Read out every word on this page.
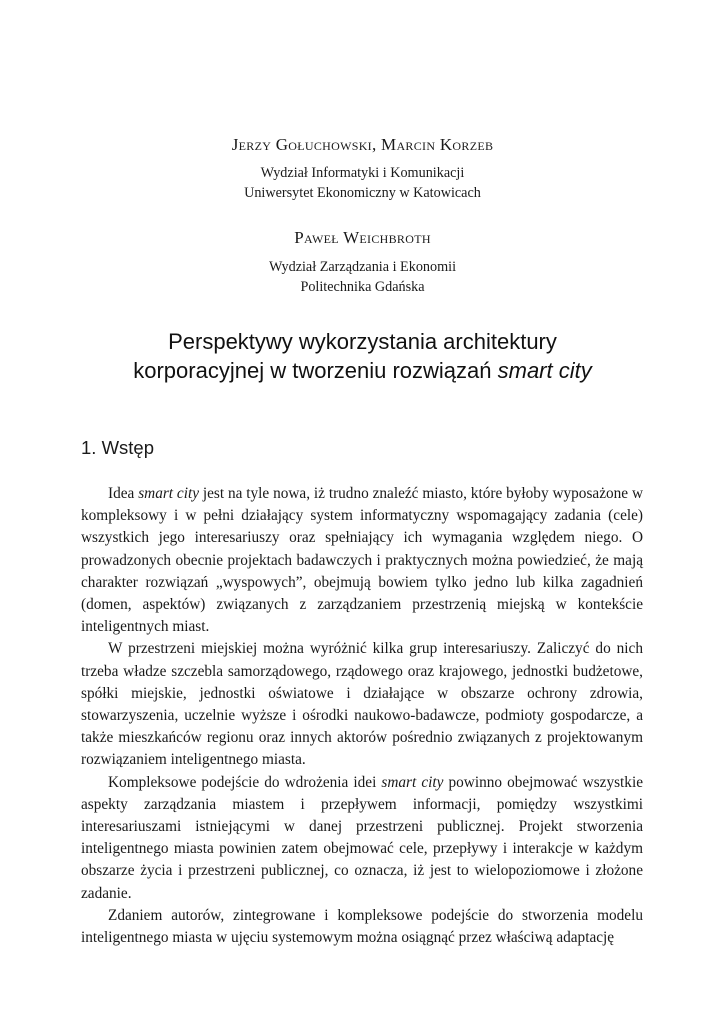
Jerzy Gołuchowski, Marcin Korzeb
Wydział Informatyki i Komunikacji
Uniwersytet Ekonomiczny w Katowicach
Paweł Weichbroth
Wydział Zarządzania i Ekonomii
Politechnika Gdańska
Perspektywy wykorzystania architektury
korporacyjnej w tworzeniu rozwiązań smart city
1. Wstęp

Idea smart city jest na tyle nowa, iż trudno znaleźć miasto, które byłoby wyposażone w kompleksowy i w pełni działający system informatyczny wspomagający zadania (cele) wszystkich jego interesariuszy oraz spełniający ich wymagania względem niego. O prowadzonych obecnie projektach badawczych i praktycznych można powiedzieć, że mają charakter rozwiązań „wyspowych”, obejmują bowiem tylko jedno lub kilka zagadnień (domen, aspektów) związanych z zarządzaniem przestrzenią miejską w kontekście inteligentnych miast.

W przestrzeni miejskiej można wyróżnić kilka grup interesariuszy. Zaliczyć do nich trzeba władze szczebla samorządowego, rządowego oraz krajowego, jednostki budżetowe, spółki miejskie, jednostki oświatowe i działające w obszarze ochrony zdrowia, stowarzyszenia, uczelnie wyższe i ośrodki naukowo-badawcze, podmioty gospodarcze, a także mieszkańców regionu oraz innych aktorów pośrednio związanych z projektowanym rozwiązaniem inteligentnego miasta.

Kompleksowe podejście do wdrożenia idei smart city powinno obejmować wszystkie aspekty zarządzania miastem i przepływem informacji, pomiędzy wszystkimi interesariuszami istniejącymi w danej przestrzeni publicznej. Projekt stworzenia inteligentnego miasta powinien zatem obejmować cele, przepływy i interakcje w każdym obszarze życia i przestrzeni publicznej, co oznacza, iż jest to wielopoziomowe i złożone zadanie.

Zdaniem autorów, zintegrowane i kompleksowe podejście do stworzenia modelu inteligentnego miasta w ujęciu systemowym można osiągnąć przez właściwą adaptację
